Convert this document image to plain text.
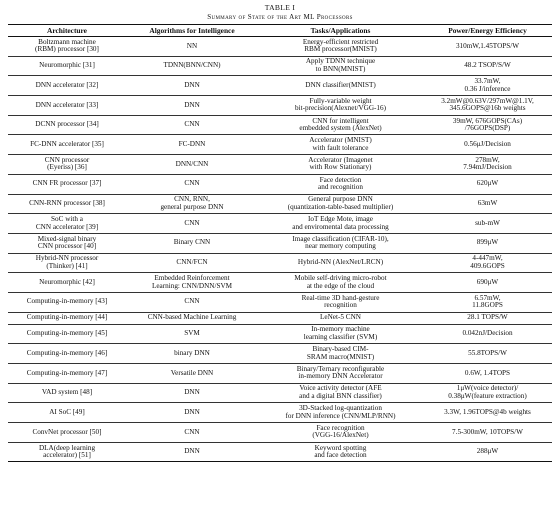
TABLE I
Summary of State of the Art ML Processors
Architecture	Algorithms for Intelligence	Tasks/Applications	Power/Energy Efficiency

Boltzmann machine
(RBM) processor [30]	NN	Energy-efficient restricted
RBM processor(MNIST)	310mW,1.45TOPS/W

Neuromorphic [31]	TDNN(BNN/CNN)	Apply TDNN technique
to BNN(MNIST)	48.2 TSOP/S/W

DNN accelerator [32]	DNN	DNN classifier(MNIST)	33.7mW,
0.36 J/inference

DNN accelerator [33]	DNN	Fully-variable weight
bit-precision(Alexnet/VGG-16)	3.2mW@0.63V/297mW@1.1V,
345.6GOPS@16b weights

DCNN processor [34]	CNN	CNN for intelligent
embedded system (AlexNet)	39mW, 676GOPS(CAs)
/76GOPS(DSP)

FC-DNN accelerator [35]	FC-DNN	Accelerator (MNIST)
with fault tolerance	0.56μJ/Decision

CNN processor
(Eyeriss) [36]	DNN/CNN	Accelerator (Imagenet
with Row Stationary)	278mW,
7.94mJ/Decision

CNN FR processor [37]	CNN	Face detection
and recognition	620μW

CNN-RNN processor [38]	CNN, RNN,
general purpose DNN	General purpose DNN
(quantization-table-based multiplier)	63mW

SoC with a
CNN accelerator [39]	CNN	IoT Edge Mote, image
and enviromental data processing	sub-mW

Mixed-signal binary
CNN processor [40]	Binary CNN	Image classification (CIFAR-10),
near memory computing	899μW

Hybrid-NN processor
(Thinker) [41]	CNN/FCN	Hybrid-NN (AlexNet/LRCN)	4-447mW,
409.6GOPS

Neuromorphic [42]	Embedded Reinforcement
Learning: CNN/DNN/SVM	Mobile self-driving micro-robot
at the edge of the cloud	690μW

Computing-in-memory [43]	CNN	Real-time 3D hand-gesture
recognition	6.57mW,
11.8GOPS

Computing-in-memory [44]	CNN-based Machine Learning	LeNet-5 CNN	28.1 TOPS/W

Computing-in-memory [45]	SVM	In-memory machine
learning classifier (SVM)	0.042nJ/Decision

Computing-in-memory [46]	binary DNN	Binary-based CIM-
SRAM macro(MNIST)	55.8TOPS/W

Computing-in-memory [47]	Versatile DNN	Binary/Ternary reconfigurable
in-memory DNN Accelerator	0.6W, 1.4TOPS

VAD system [48]	DNN	Voice activity detector (AFE
and a digital BNN classifier)	1μW(voice detector)/
0.38μW(feature extraction)

AI SoC [49]	DNN	3D-Stacked log-quantization
for DNN inference (CNN/MLP/RNN)	3.3W, 1.96TOPS@4b weights

ConvNet processor [50]	CNN	Face recognition
(VGG-16/AlexNet)	7.5-300mW, 10TOPS/W

DLA(deep learning
accelerator) [51]	DNN	Keyword spotting
and face detection	288μW
